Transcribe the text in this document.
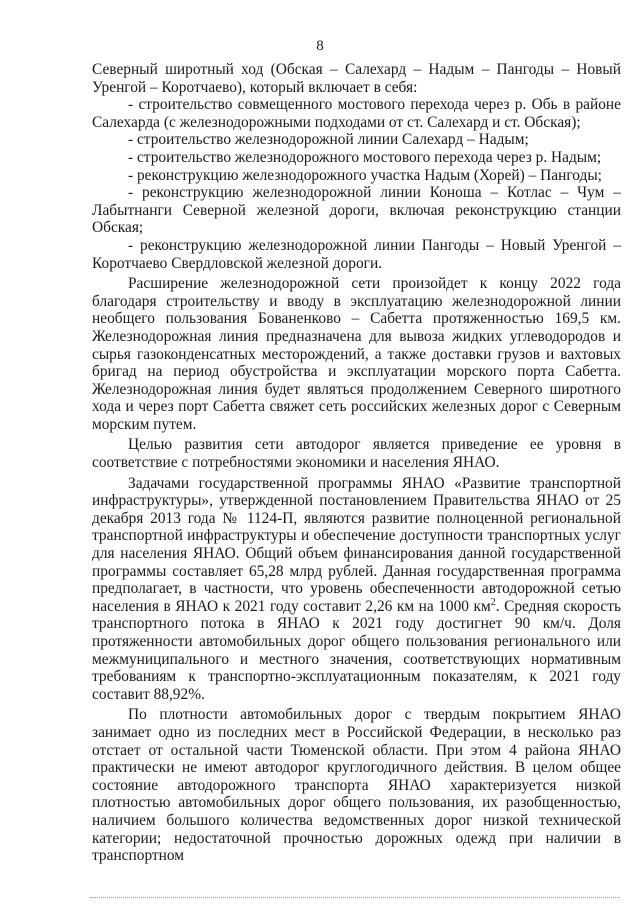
8

Северный широтный ход (Обская – Салехард – Надым – Пангоды – Новый Уренгой – Коротчаево), который включает в себя:

- строительство совмещенного мостового перехода через р. Обь в районе Салехарда (с железнодорожными подходами от ст. Салехард и ст. Обская);

- строительство железнодорожной линии Салехард – Надым;

- строительство железнодорожного мостового перехода через р. Надым;

- реконструкцию железнодорожного участка Надым (Хорей) – Пангоды;

- реконструкцию железнодорожной линии Коноша – Котлас – Чум – Лабытнанги Северной железной дороги, включая реконструкцию станции Обская;

- реконструкцию железнодорожной линии Пангоды – Новый Уренгой – Коротчаево Свердловской железной дороги.

Расширение железнодорожной сети произойдет к концу 2022 года благодаря строительству и вводу в эксплуатацию железнодорожной линии необщего пользования Бованенково – Сабетта протяженностью 169,5 км. Железнодорожная линия предназначена для вывоза жидких углеводородов и сырья газоконденсатных месторождений, а также доставки грузов и вахтовых бригад на период обустройства и эксплуатации морского порта Сабетта. Железнодорожная линия будет являться продолжением Северного широтного хода и через порт Сабетта свяжет сеть российских железных дорог с Северным морским путем.

Целью развития сети автодорог является приведение ее уровня в соответствие с потребностями экономики и населения ЯНАО.

Задачами государственной программы ЯНАО «Развитие транспортной инфраструктуры», утвержденной постановлением Правительства ЯНАО от 25 декабря 2013 года № 1124-П, являются развитие полноценной региональной транспортной инфраструктуры и обеспечение доступности транспортных услуг для населения ЯНАО. Общий объем финансирования данной государственной программы составляет 65,28 млрд рублей. Данная государственная программа предполагает, в частности, что уровень обеспеченности автодорожной сетью населения в ЯНАО к 2021 году составит 2,26 км на 1000 $км^2$. Средняя скорость транспортного потока в ЯНАО к 2021 году достигнет 90 км/ч. Доля протяженности автомобильных дорог общего пользования регионального или межмуниципального и местного значения, соответствующих нормативным требованиям к транспортно-эксплуатационным показателям, к 2021 году составит 88,92%.

По плотности автомобильных дорог с твердым покрытием ЯНАО занимает одно из последних мест в Российской Федерации, в несколько раз отстает от остальной части Тюменской области. При этом 4 района ЯНАО практически не имеют автодорог круглогодичного действия. В целом общее состояние автодорожного транспорта ЯНАО характеризуется низкой плотностью автомобильных дорог общего пользования, их разобщенностью, наличием большого количества ведомственных дорог низкой технической категории; недостаточной прочностью дорожных одежд при наличии в транспортном
